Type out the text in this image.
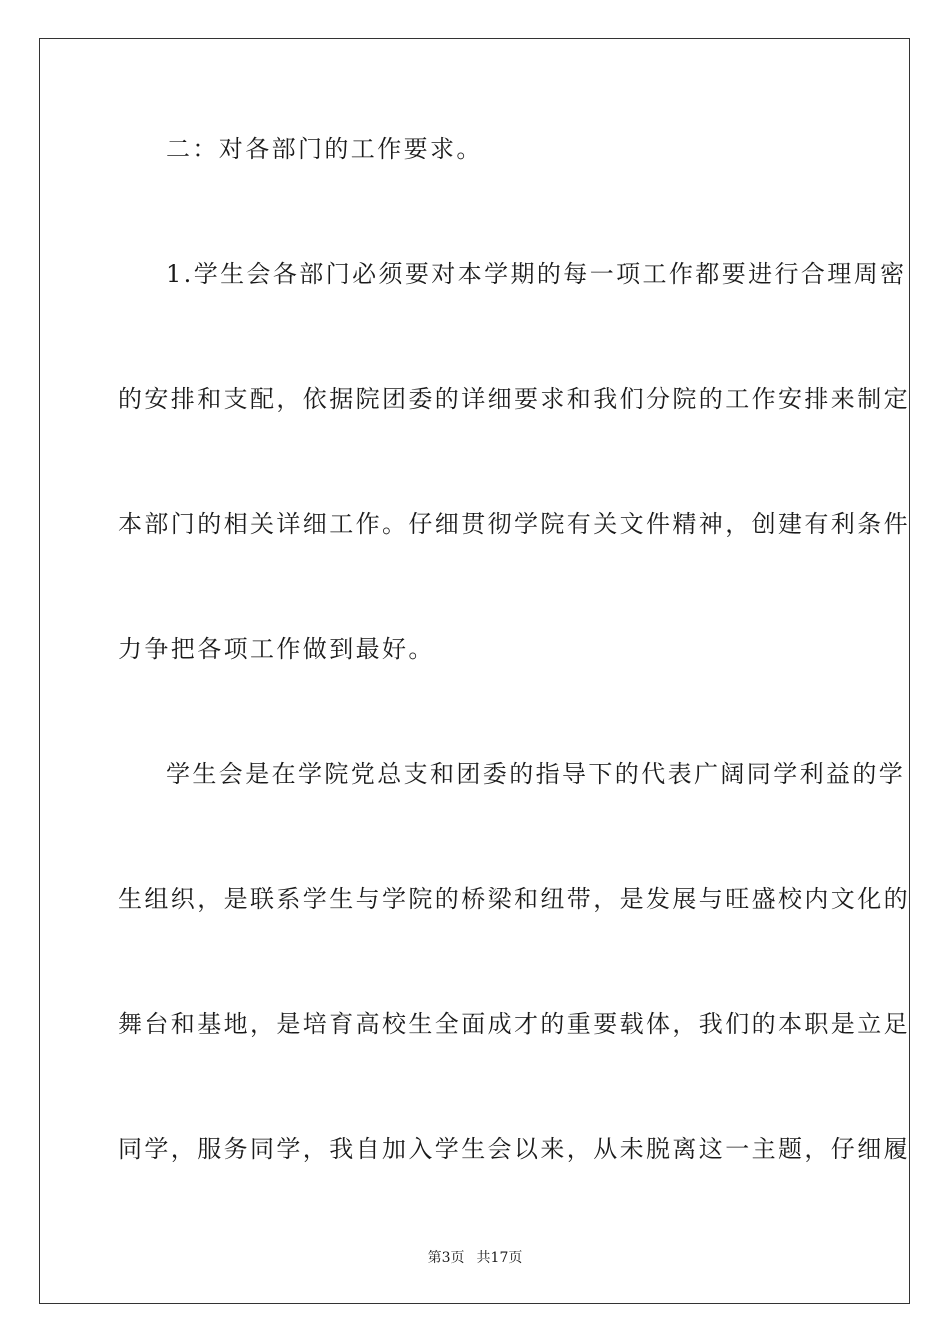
二：对各部门的工作要求。
1.学生会各部门必须要对本学期的每一项工作都要进行合理周密
的安排和支配，依据院团委的详细要求和我们分院的工作安排来制定
本部门的相关详细工作。仔细贯彻学院有关文件精神，创建有利条件
力争把各项工作做到最好。
学生会是在学院党总支和团委的指导下的代表广阔同学利益的学
生组织，是联系学生与学院的桥梁和纽带，是发展与旺盛校内文化的
舞台和基地，是培育高校生全面成才的重要载体，我们的本职是立足
同学，服务同学，我自加入学生会以来，从未脱离这一主题，仔细履
第3页 共17页
